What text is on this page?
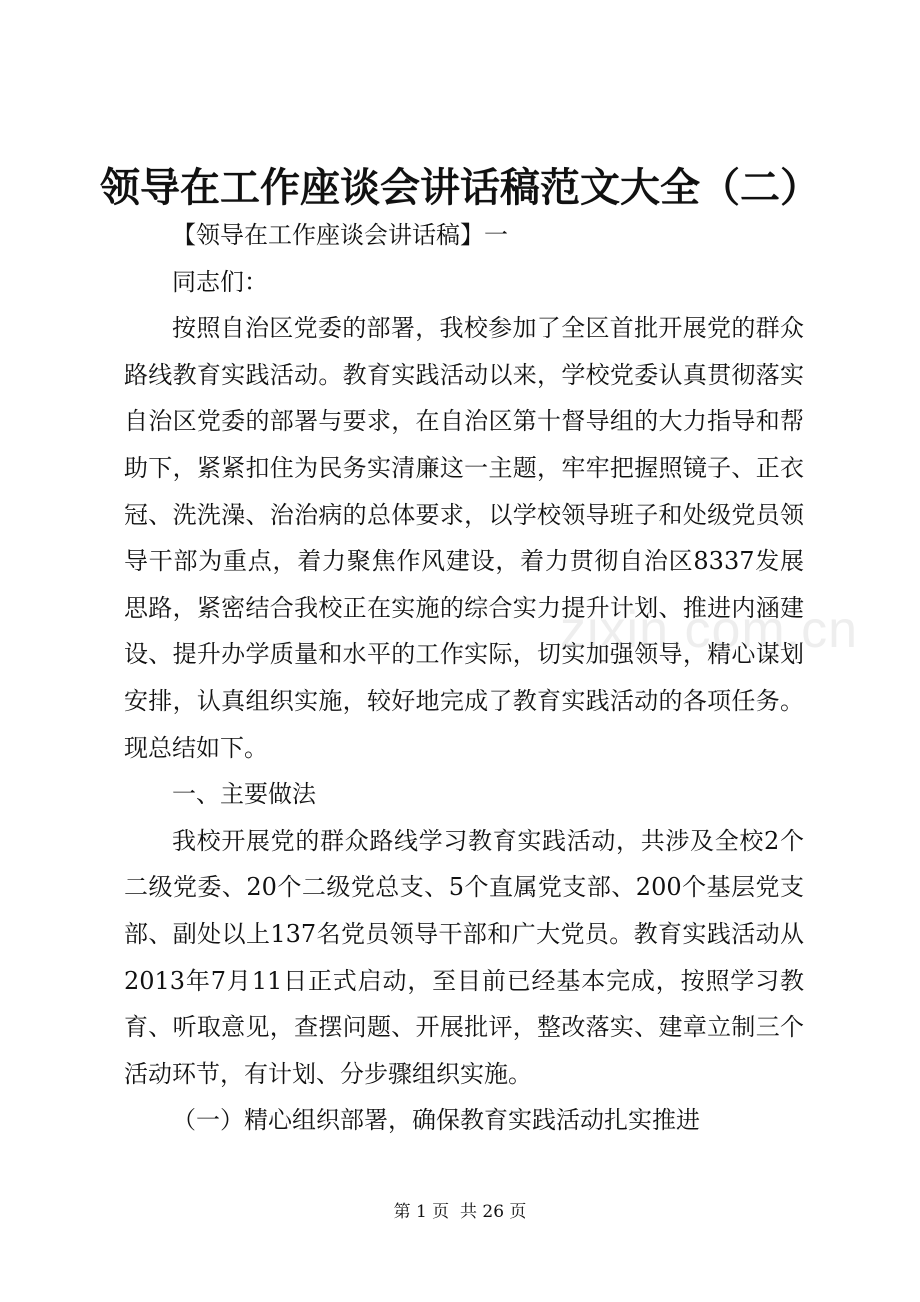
领导在工作座谈会讲话稿范文大全（二）

【领导在工作座谈会讲话稿】一

同志们：

按照自治区党委的部署，我校参加了全区首批开展党的群众路线教育实践活动。教育实践活动以来，学校党委认真贯彻落实自治区党委的部署与要求，在自治区第十督导组的大力指导和帮助下，紧紧扣住为民务实清廉这一主题，牢牢把握照镜子、正衣冠、洗洗澡、治治病的总体要求，以学校领导班子和处级党员领导干部为重点，着力聚焦作风建设，着力贯彻自治区8337发展思路，紧密结合我校正在实施的综合实力提升计划、推进内涵建设、提升办学质量和水平的工作实际，切实加强领导，精心谋划安排，认真组织实施，较好地完成了教育实践活动的各项任务。现总结如下。

一、主要做法

我校开展党的群众路线学习教育实践活动，共涉及全校2个二级党委、20个二级党总支、5个直属党支部、200个基层党支部、副处以上137名党员领导干部和广大党员。教育实践活动从2013年7月11日正式启动，至目前已经基本完成，按照学习教育、听取意见，查摆问题、开展批评，整改落实、建章立制三个活动环节，有计划、分步骤组织实施。

（一）精心组织部署，确保教育实践活动扎实推进

zixin.com.cn
第 1 页  共 26 页
